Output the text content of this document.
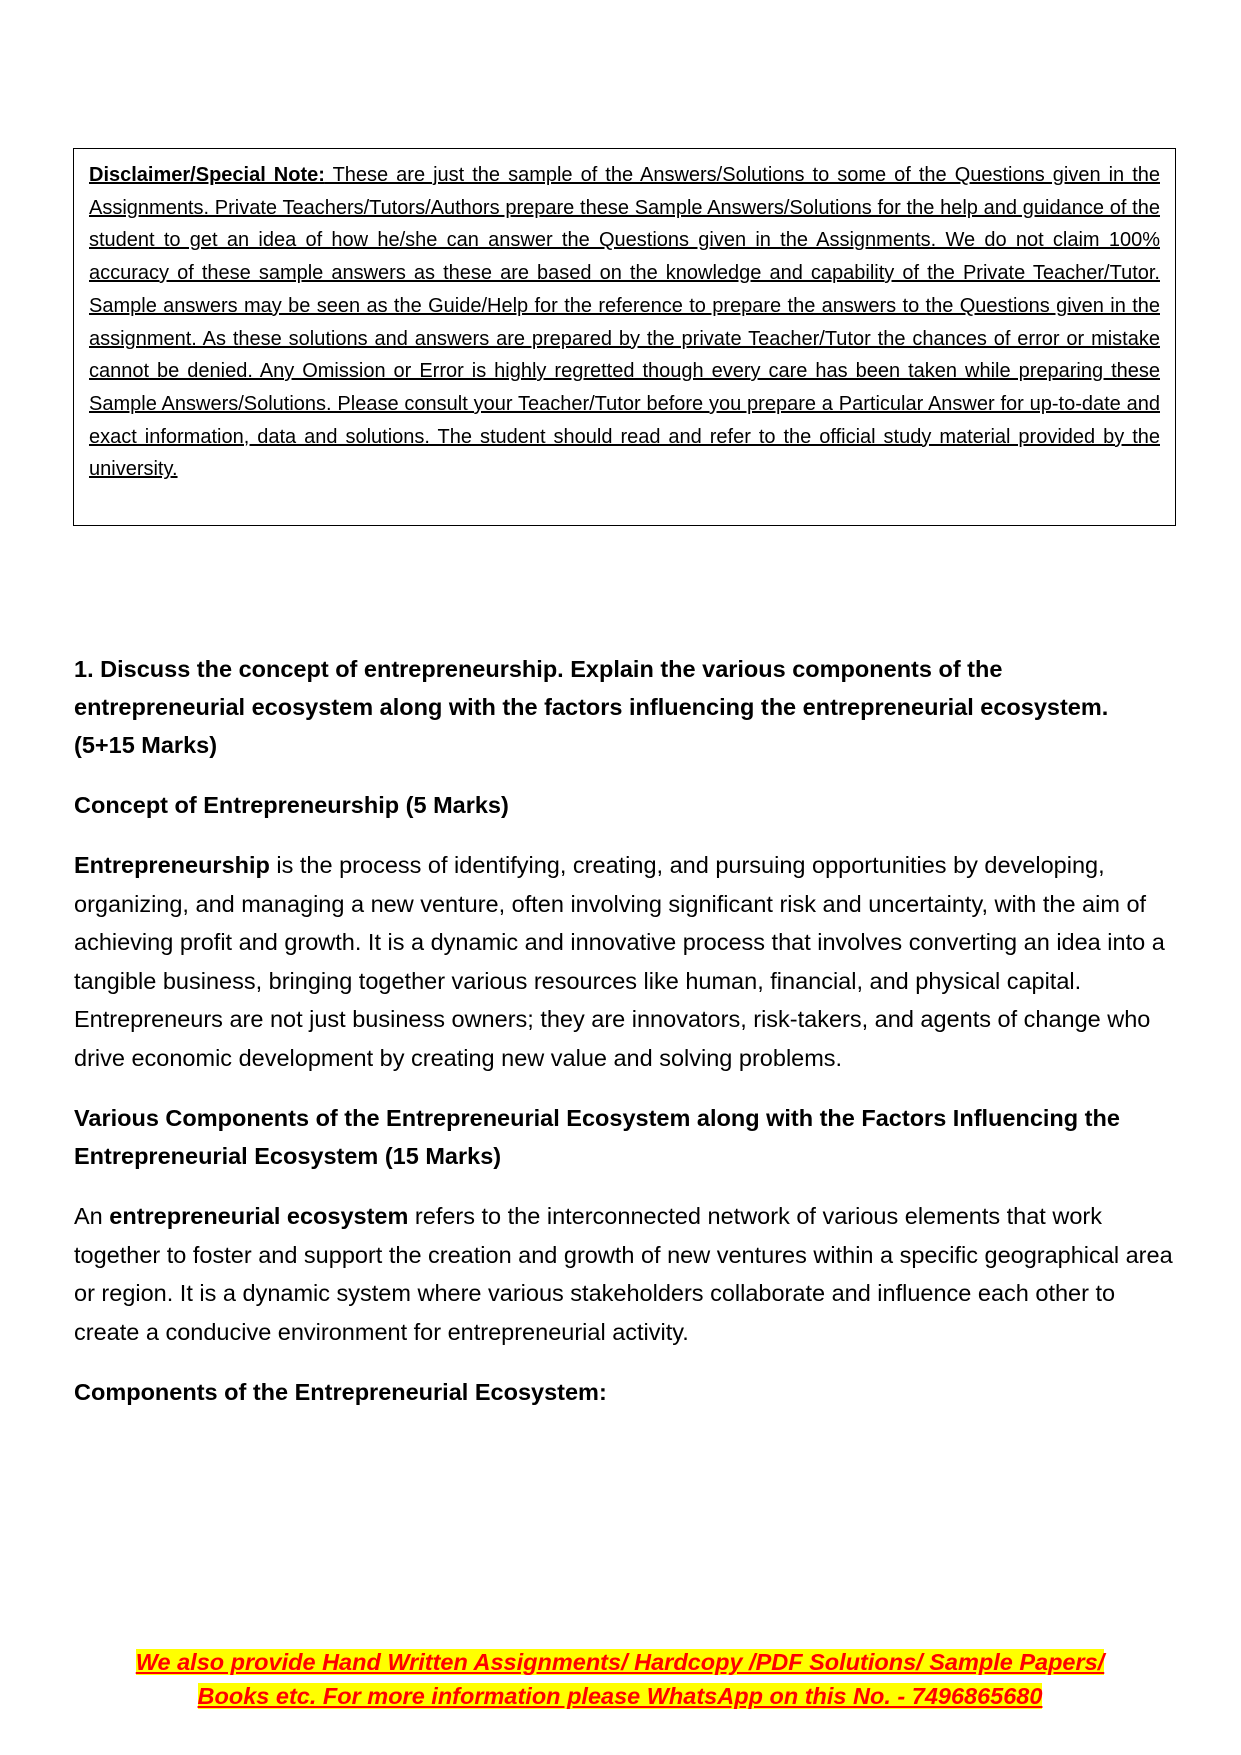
Disclaimer/Special Note: These are just the sample of the Answers/Solutions to some of the Questions given in the Assignments. Private Teachers/Tutors/Authors prepare these Sample Answers/Solutions for the help and guidance of the student to get an idea of how he/she can answer the Questions given in the Assignments. We do not claim 100% accuracy of these sample answers as these are based on the knowledge and capability of the Private Teacher/Tutor. Sample answers may be seen as the Guide/Help for the reference to prepare the answers to the Questions given in the assignment. As these solutions and answers are prepared by the private Teacher/Tutor the chances of error or mistake cannot be denied. Any Omission or Error is highly regretted though every care has been taken while preparing these Sample Answers/Solutions. Please consult your Teacher/Tutor before you prepare a Particular Answer for up-to-date and exact information, data and solutions. The student should read and refer to the official study material provided by the university.

1. Discuss the concept of entrepreneurship. Explain the various components of the entrepreneurial ecosystem along with the factors influencing the entrepreneurial ecosystem. (5+15 Marks)

Concept of Entrepreneurship (5 Marks)

Entrepreneurship is the process of identifying, creating, and pursuing opportunities by developing, organizing, and managing a new venture, often involving significant risk and uncertainty, with the aim of achieving profit and growth. It is a dynamic and innovative process that involves converting an idea into a tangible business, bringing together various resources like human, financial, and physical capital. Entrepreneurs are not just business owners; they are innovators, risk-takers, and agents of change who drive economic development by creating new value and solving problems.

Various Components of the Entrepreneurial Ecosystem along with the Factors Influencing the Entrepreneurial Ecosystem (15 Marks)

An entrepreneurial ecosystem refers to the interconnected network of various elements that work together to foster and support the creation and growth of new ventures within a specific geographical area or region. It is a dynamic system where various stakeholders collaborate and influence each other to create a conducive environment for entrepreneurial activity.

Components of the Entrepreneurial Ecosystem:

We also provide Hand Written Assignments/ Hardcopy /PDF Solutions/ Sample Papers/
Books etc. For more information please WhatsApp on this No. - 7496865680
